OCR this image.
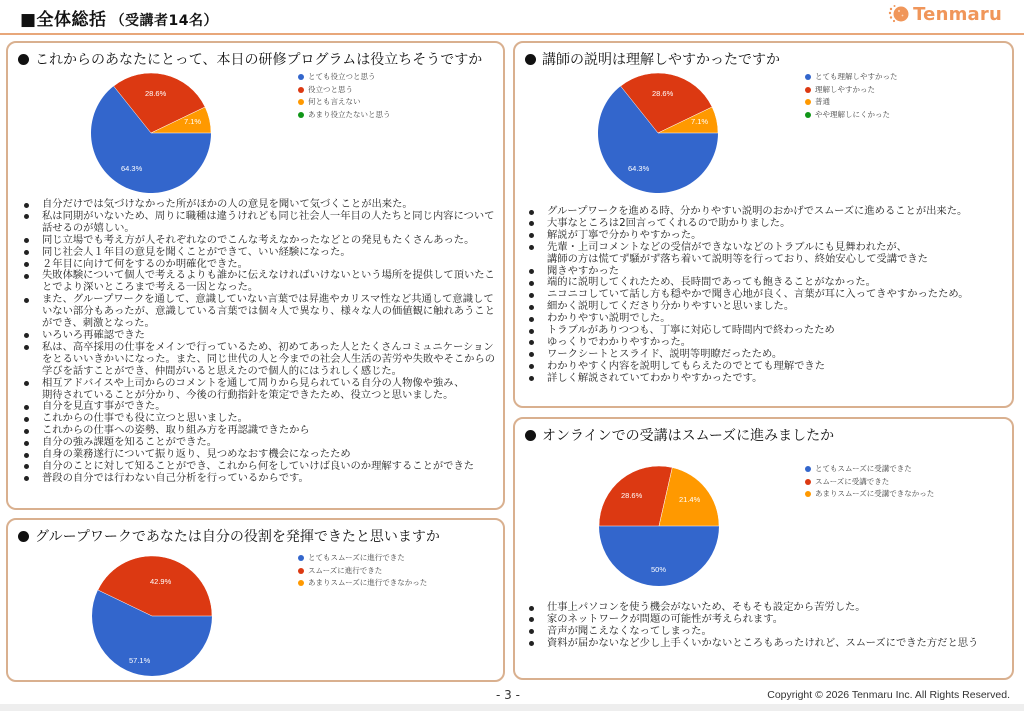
■全体総括 （受講者14名）	Tenmaru
これからのあなたにとって、本日の研修プログラムは役立ちそうですか
64.3%
28.6%
7.1%
とても役立つと思う
役立つと思う
何とも言えない
あまり役立たないと思う
自分だけでは気づけなかった所がほかの人の意見を聞いて気づくことが出来た。
私は同期がいないため、周りに職種は違うけれども同じ社会人一年目の人たちと同じ内容について話せるのが嬉しい。
同じ立場でも考え方が人それぞれなのでこんな考えなかったなどとの発見もたくさんあった。
同じ社会人１年目の意見を聞くことができて、いい経験になった。
２年目に向けて何をするのか明確化できた。
失敗体験について個人で考えるよりも誰かに伝えなければいけないという場所を提供して頂いたことでより深いところまで考える一因となった。
また、グループワークを通して、意識していない言葉では昇進やカリスマ性など共通して意識していない部分もあったが、意識している言葉では個々人で異なり、様々な人の価値観に触れあうことができ、刺激となった。
いろいろ再確認できた
私は、高卒採用の仕事をメインで行っているため、初めてあった人とたくさんコミュニケーションをとるいいきかいになった。また、同じ世代の人と今までの社会人生活の苦労や失敗やそこからの学びを話すことができ、仲間がいると思えたので個人的にはうれしく感じた。
相互アドバイスや上司からのコメントを通して周りから見られている自分の人物像や強み、
期待されていることが分かり、今後の行動指針を策定できたため、役立つと思いました。
自分を見直す事ができた。
これからの仕事でも役に立つと思いました。
これからの仕事への姿勢、取り組み方を再認識できたから
自分の強み課題を知ることができた。
自身の業務遂行について振り返り、見つめなおす機会になったため
自分のことに対して知ることができ、これから何をしていけば良いのか理解することができた
普段の自分では行わない自己分析を行っているからです。
グループワークであなたは自分の役割を発揮できたと思いますか
57.1%
42.9%
とてもスムーズに進行できた
スムーズに進行できた
あまりスムーズに進行できなかった
講師の説明は理解しやすかったですか
64.3%
28.6%
7.1%
とても理解しやすかった
理解しやすかった
普通
やや理解しにくかった
グループワークを進める時、分かりやすい説明のおかげでスムーズに進めることが出来た。
大事なところは2回言ってくれるので助かりました。
解説が丁寧で分かりやすかった。
先輩・上司コメントなどの受信ができないなどのトラブルにも見舞われたが、
講師の方は慌てず騒がず落ち着いて説明等を行っており、終始安心して受講できた
聞きやすかった
端的に説明してくれたため、長時間であっても飽きることがなかった。
ニコニコしていて話し方も穏やかで聞き心地が良く、言葉が耳に入ってきやすかったため。
細かく説明してくださり分かりやすいと思いました。
わかりやすい説明でした。
トラブルがありつつも、丁寧に対応して時間内で終わったため
ゆっくりでわかりやすかった。
ワークシートとスライド、説明等明瞭だったため。
わかりやすく内容を説明してもらえたのでとても理解できた
詳しく解説されていてわかりやすかったです。
オンラインでの受講はスムーズに進みましたか
50%
28.6%	21.4%
とてもスムーズに受講できた
スムーズに受講できた
あまりスムーズに受講できなかった
仕事上パソコンを使う機会がないため、そもそも設定から苦労した。
家のネットワークが問題の可能性が考えられます。
音声が聞こえなくなってしまった。
資料が届かないなど少し上手くいかないところもあったけれど、スムーズにできた方だと思う
- 3 -	Copyright © 2026 Tenmaru Inc. All Rights Reserved.
